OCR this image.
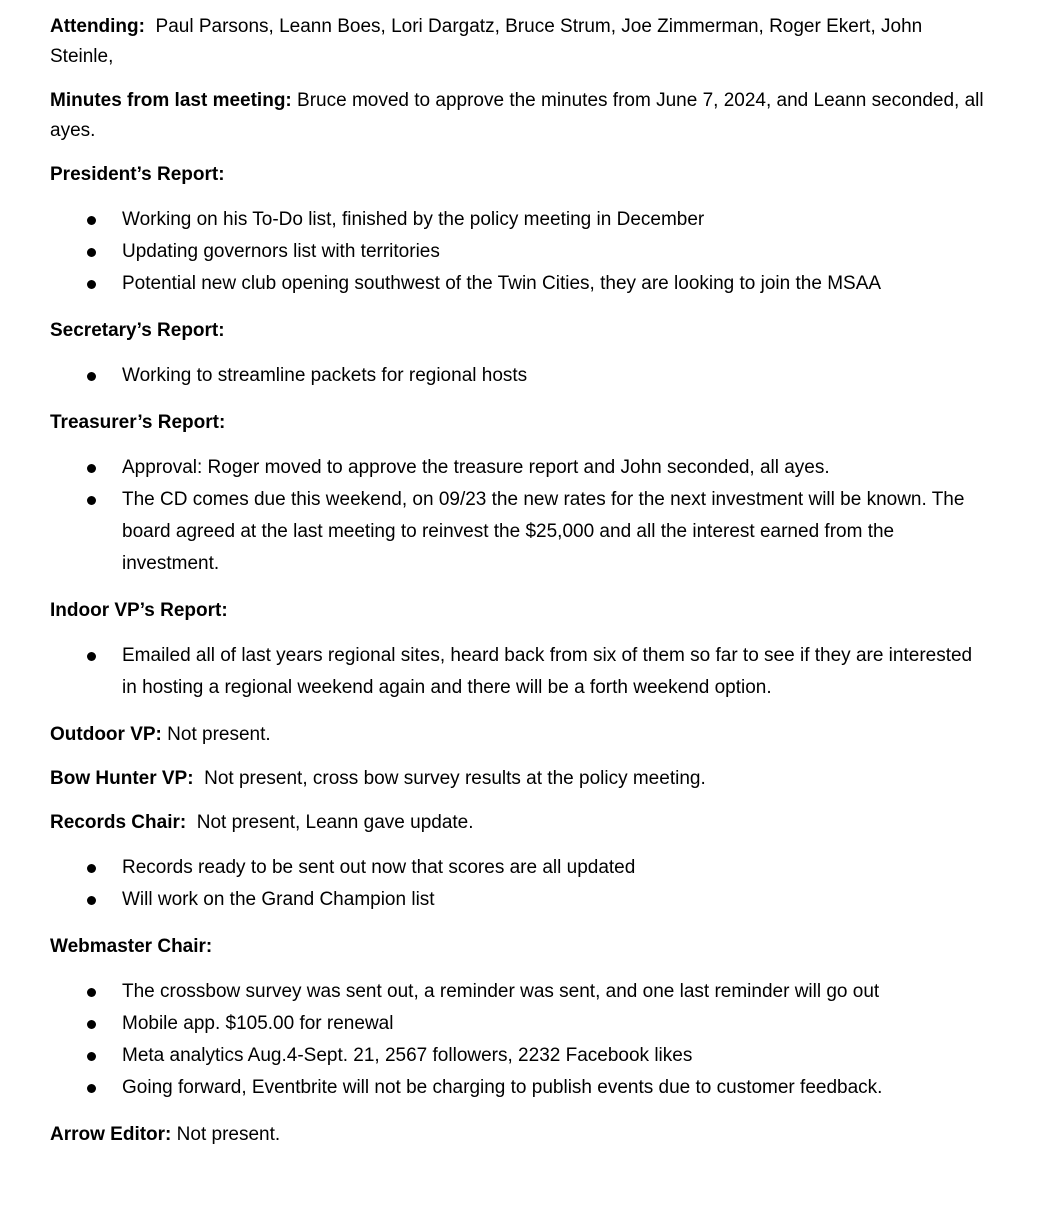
Attending:  Paul Parsons, Leann Boes, Lori Dargatz, Bruce Strum, Joe Zimmerman, Roger Ekert, John Steinle,

Minutes from last meeting: Bruce moved to approve the minutes from June 7, 2024, and Leann seconded, all ayes.

President’s Report:

Working on his To-Do list, finished by the policy meeting in December
Updating governors list with territories
Potential new club opening southwest of the Twin Cities, they are looking to join the MSAA

Secretary’s Report:

Working to streamline packets for regional hosts

Treasurer’s Report:

Approval: Roger moved to approve the treasure report and John seconded, all ayes.
The CD comes due this weekend, on 09/23 the new rates for the next investment will be known. The board agreed at the last meeting to reinvest the $25,000 and all the interest earned from the investment.

Indoor VP’s Report:

Emailed all of last years regional sites, heard back from six of them so far to see if they are interested in hosting a regional weekend again and there will be a forth weekend option.

Outdoor VP: Not present.

Bow Hunter VP:  Not present, cross bow survey results at the policy meeting.

Records Chair:  Not present, Leann gave update.

Records ready to be sent out now that scores are all updated
Will work on the Grand Champion list

Webmaster Chair:

The crossbow survey was sent out, a reminder was sent, and one last reminder will go out
Mobile app. $105.00 for renewal
Meta analytics Aug.4-Sept. 21, 2567 followers, 2232 Facebook likes
Going forward, Eventbrite will not be charging to publish events due to customer feedback.

Arrow Editor: Not present.
